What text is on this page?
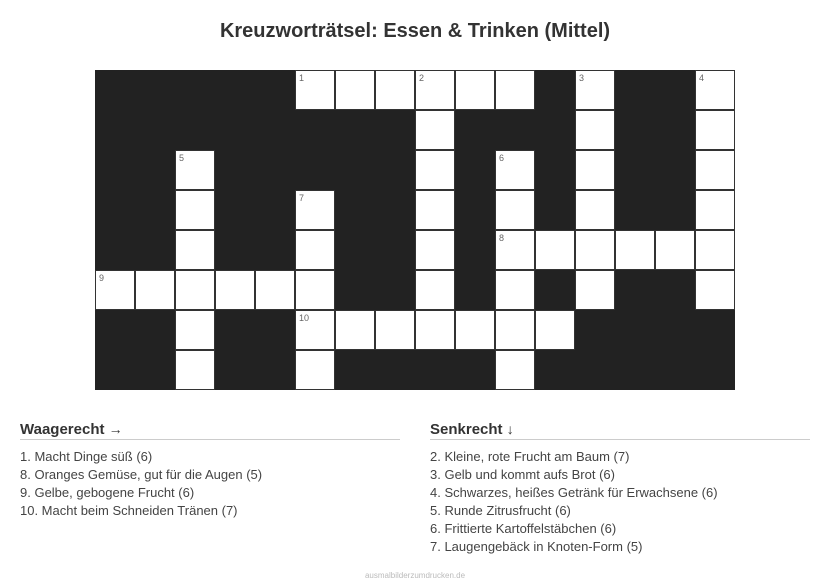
Kreuzworträtsel: Essen & Trinken (Mittel)
1	2	3	4
5	6
7
8
9
10
Waagerecht →
1. Macht Dinge süß (6)
8. Oranges Gemüse, gut für die Augen (5)
9. Gelbe, gebogene Frucht (6)
10. Macht beim Schneiden Tränen (7)
Senkrecht ↓
2. Kleine, rote Frucht am Baum (7)
3. Gelb und kommt aufs Brot (6)
4. Schwarzes, heißes Getränk für Erwachsene (6)
5. Runde Zitrusfrucht (6)
6. Frittierte Kartoffelstäbchen (6)
7. Laugengebäck in Knoten-Form (5)
ausmalbilderzumdrucken.de
